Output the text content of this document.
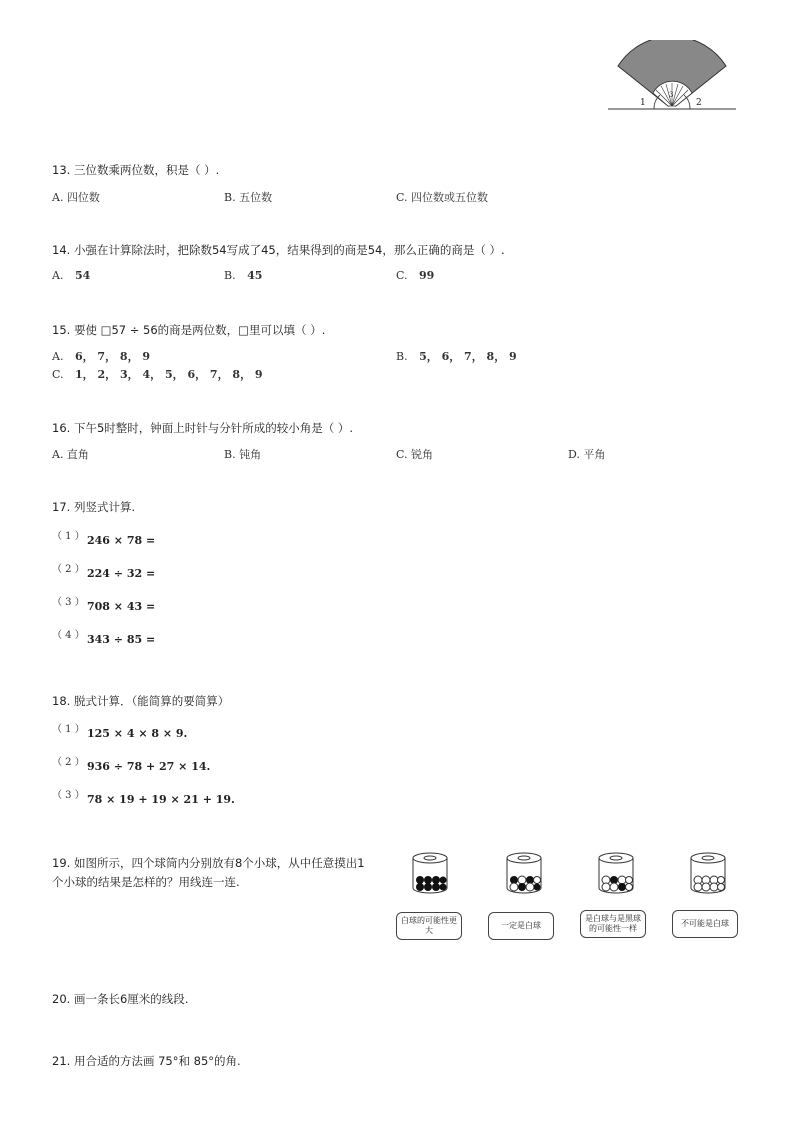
1	2
3
13. 三位数乘两位数，积是（ ）.
A. 四位数	B. 五位数	C. 四位数或五位数
14. 小强在计算除法时，把除数54写成了45，结果得到的商是54，那么正确的商是（ ）.
A. 54	B. 45	C. 99
15. 要使 □57 ÷ 56的商是两位数，□里可以填（ ）.
A. 6， 7， 8， 9	B. 5， 6， 7， 8， 9
C. 1， 2， 3， 4， 5， 6， 7， 8， 9
16. 下午5时整时，钟面上时针与分针所成的较小角是（ ）.
A. 直角	B. 钝角	C. 锐角	D. 平角
17. 列竖式计算.
（ 1 ） 246 × 78 =
（ 2 ） 224 ÷ 32 =
（ 3 ） 708 × 43 =
（ 4 ） 343 ÷ 85 =
18. 脱式计算．（能简算的要简算）
（ 1 ） 125 × 4 × 8 × 9.
（ 2 ） 936 ÷ 78 + 27 × 14.
（ 3 ） 78 × 19 + 19 × 21 + 19.
19. 如图所示，四个球筒内分别放有8个小球，从中任意摸出1
个小球的结果是怎样的？用线连一连.
白球的可能性更大
一定是白球
是白球与是黑球的可能性一样
不可能是白球
20. 画一条长6厘米的线段.
21. 用合适的方法画 75°和 85°的角.
